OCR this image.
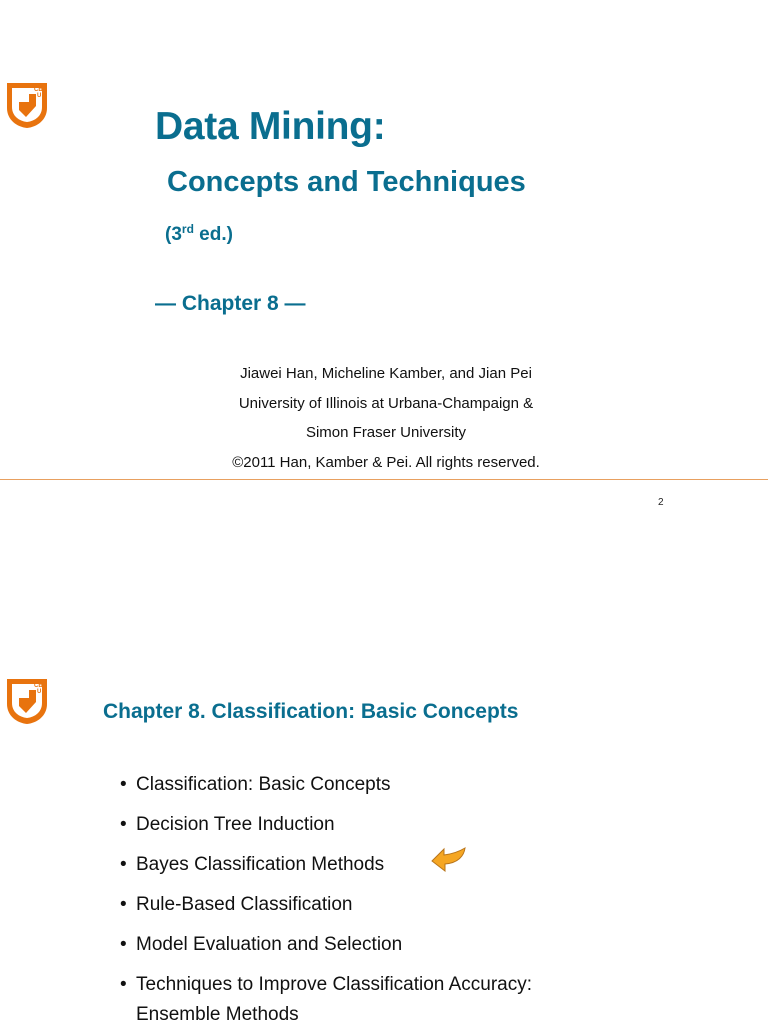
CB
U
Data Mining:
Concepts and Techniques
(3rd ed.)
— Chapter 8 —
Jiawei Han, Micheline Kamber, and Jian Pei
University of Illinois at Urbana-Champaign &
Simon Fraser University
©2011 Han, Kamber & Pei. All rights reserved.
2
CB
U
Chapter 8. Classification: Basic Concepts
• Classification: Basic Concepts
• Decision Tree Induction
• Bayes Classification Methods
• Rule-Based Classification
• Model Evaluation and Selection
• Techniques to Improve Classification Accuracy:
Ensemble Methods
